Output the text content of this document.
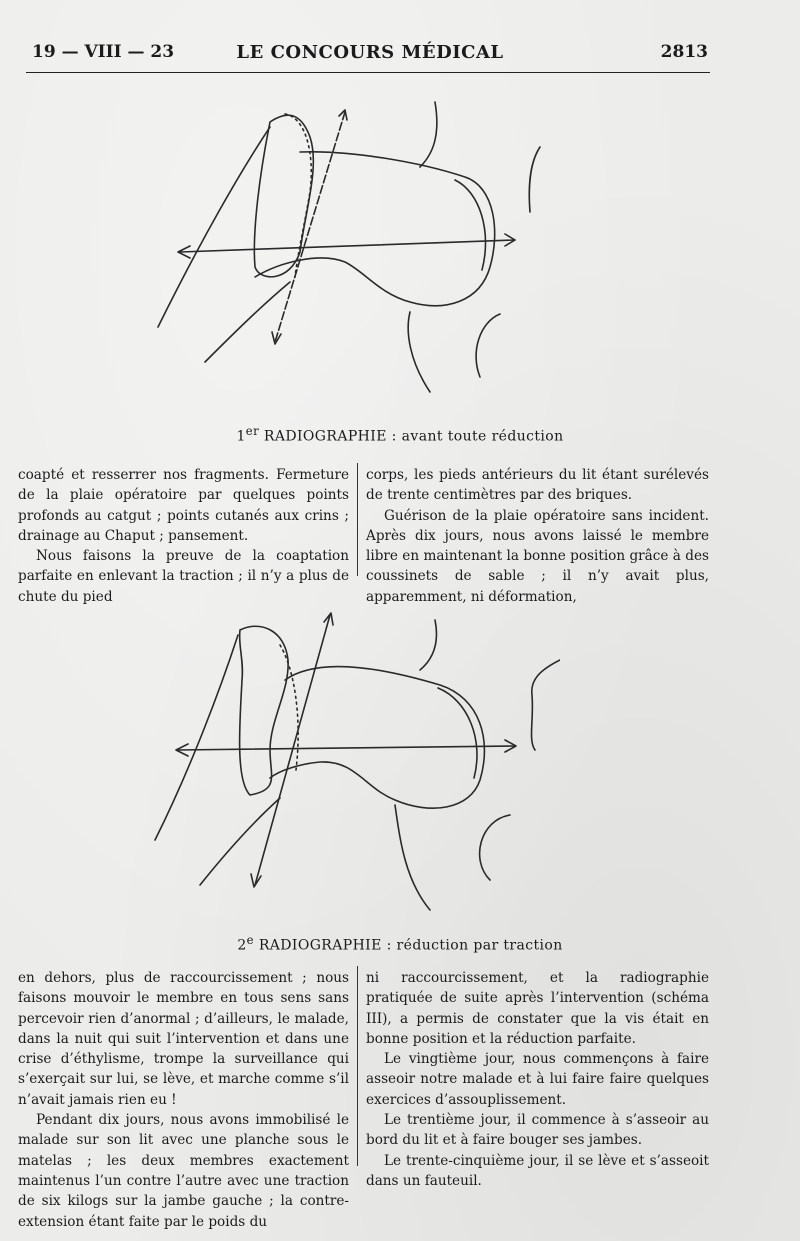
19 — VIII — 23	LE CONCOURS MÉDICAL	2813
1er RADIOGRAPHIE : avant toute réduction

coapté et resserrer nos fragments. Fermeture de la plaie opératoire par quelques points profonds au catgut ; points cutanés aux crins ; drainage au Chaput ; pansement.

Nous faisons la preuve de la coaptation parfaite en enlevant la traction ; il n’y a plus de chute du pied

corps, les pieds antérieurs du lit étant surélevés de trente centimètres par des briques.

Guérison de la plaie opératoire sans incident. Après dix jours, nous avons laissé le membre libre en maintenant la bonne position grâce à des coussinets de sable ; il n’y avait plus, apparemment, ni déformation,

2e RADIOGRAPHIE : réduction par traction

en dehors, plus de raccourcissement ; nous faisons mouvoir le membre en tous sens sans percevoir rien d’anormal ; d’ailleurs, le malade, dans la nuit qui suit l’intervention et dans une crise d’éthylisme, trompe la surveillance qui s’exerçait sur lui, se lève, et marche comme s’il n’avait jamais rien eu !

Pendant dix jours, nous avons immobilisé le malade sur son lit avec une planche sous le matelas ; les deux membres exactement maintenus l’un contre l’autre avec une traction de six kilogs sur la jambe gauche ; la contre-extension étant faite par le poids du

ni raccourcissement, et la radiographie pratiquée de suite après l’intervention (schéma III), a permis de constater que la vis était en bonne position et la réduction parfaite.

Le vingtième jour, nous commençons à faire asseoir notre malade et à lui faire faire quelques exercices d’assouplissement.

Le trentième jour, il commence à s’asseoir au bord du lit et à faire bouger ses jambes.

Le trente-cinquième jour, il se lève et s’asseoit dans un fauteuil.
